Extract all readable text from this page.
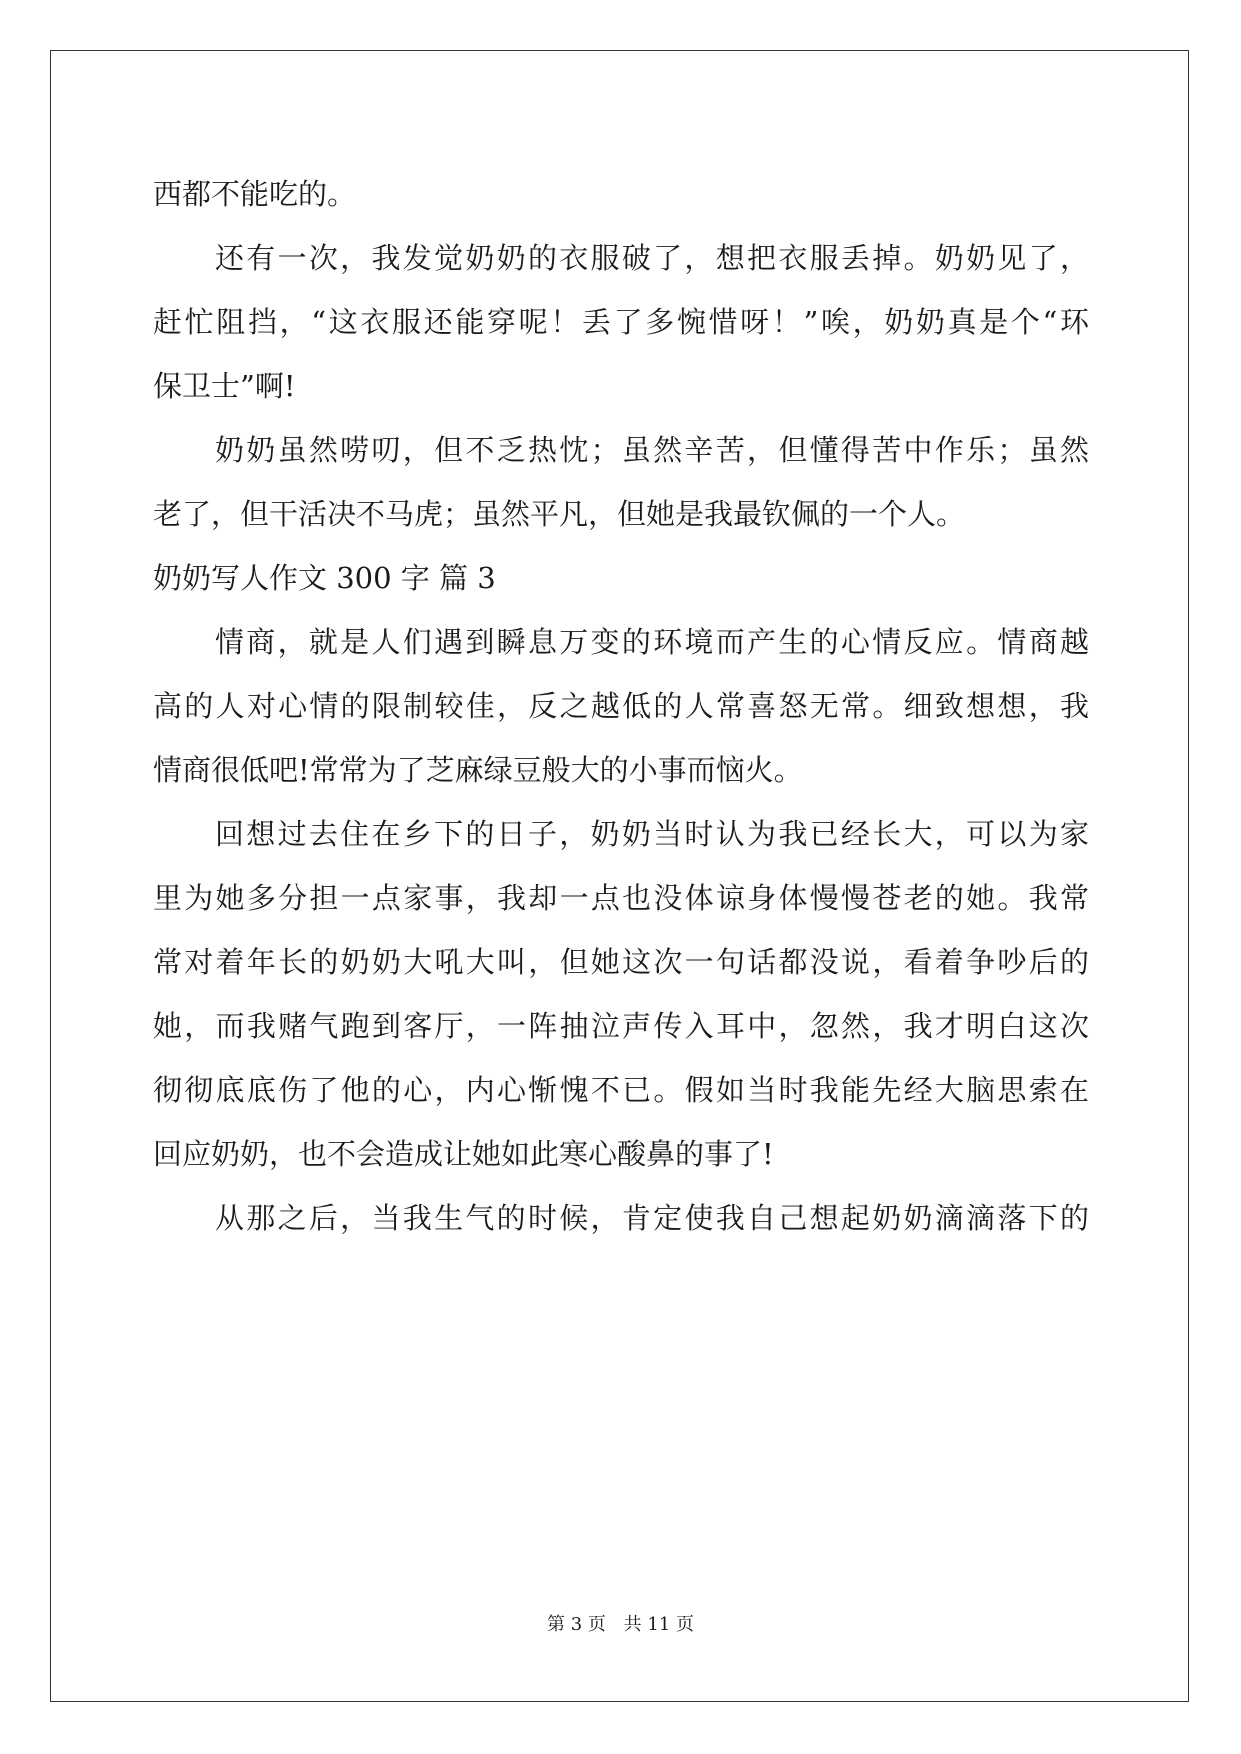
西都不能吃的。
还有一次，我发觉奶奶的衣服破了，想把衣服丢掉。奶奶见了，
赶忙阻挡，“这衣服还能穿呢！丢了多惋惜呀！”唉，奶奶真是个“环
保卫士”啊!
奶奶虽然唠叨，但不乏热忱；虽然辛苦，但懂得苦中作乐；虽然
老了，但干活决不马虎；虽然平凡，但她是我最钦佩的一个人。
奶奶写人作文 300 字 篇 3
情商，就是人们遇到瞬息万变的环境而产生的心情反应。情商越
高的人对心情的限制较佳，反之越低的人常喜怒无常。细致想想，我
情商很低吧!常常为了芝麻绿豆般大的小事而恼火。
回想过去住在乡下的日子，奶奶当时认为我已经长大，可以为家
里为她多分担一点家事，我却一点也没体谅身体慢慢苍老的她。我常
常对着年长的奶奶大吼大叫，但她这次一句话都没说，看着争吵后的
她，而我赌气跑到客厅，一阵抽泣声传入耳中，忽然，我才明白这次
彻彻底底伤了他的心，内心惭愧不已。假如当时我能先经大脑思索在
回应奶奶，也不会造成让她如此寒心酸鼻的事了!
从那之后，当我生气的时候，肯定使我自己想起奶奶滴滴落下的
第 3 页 共 11 页
